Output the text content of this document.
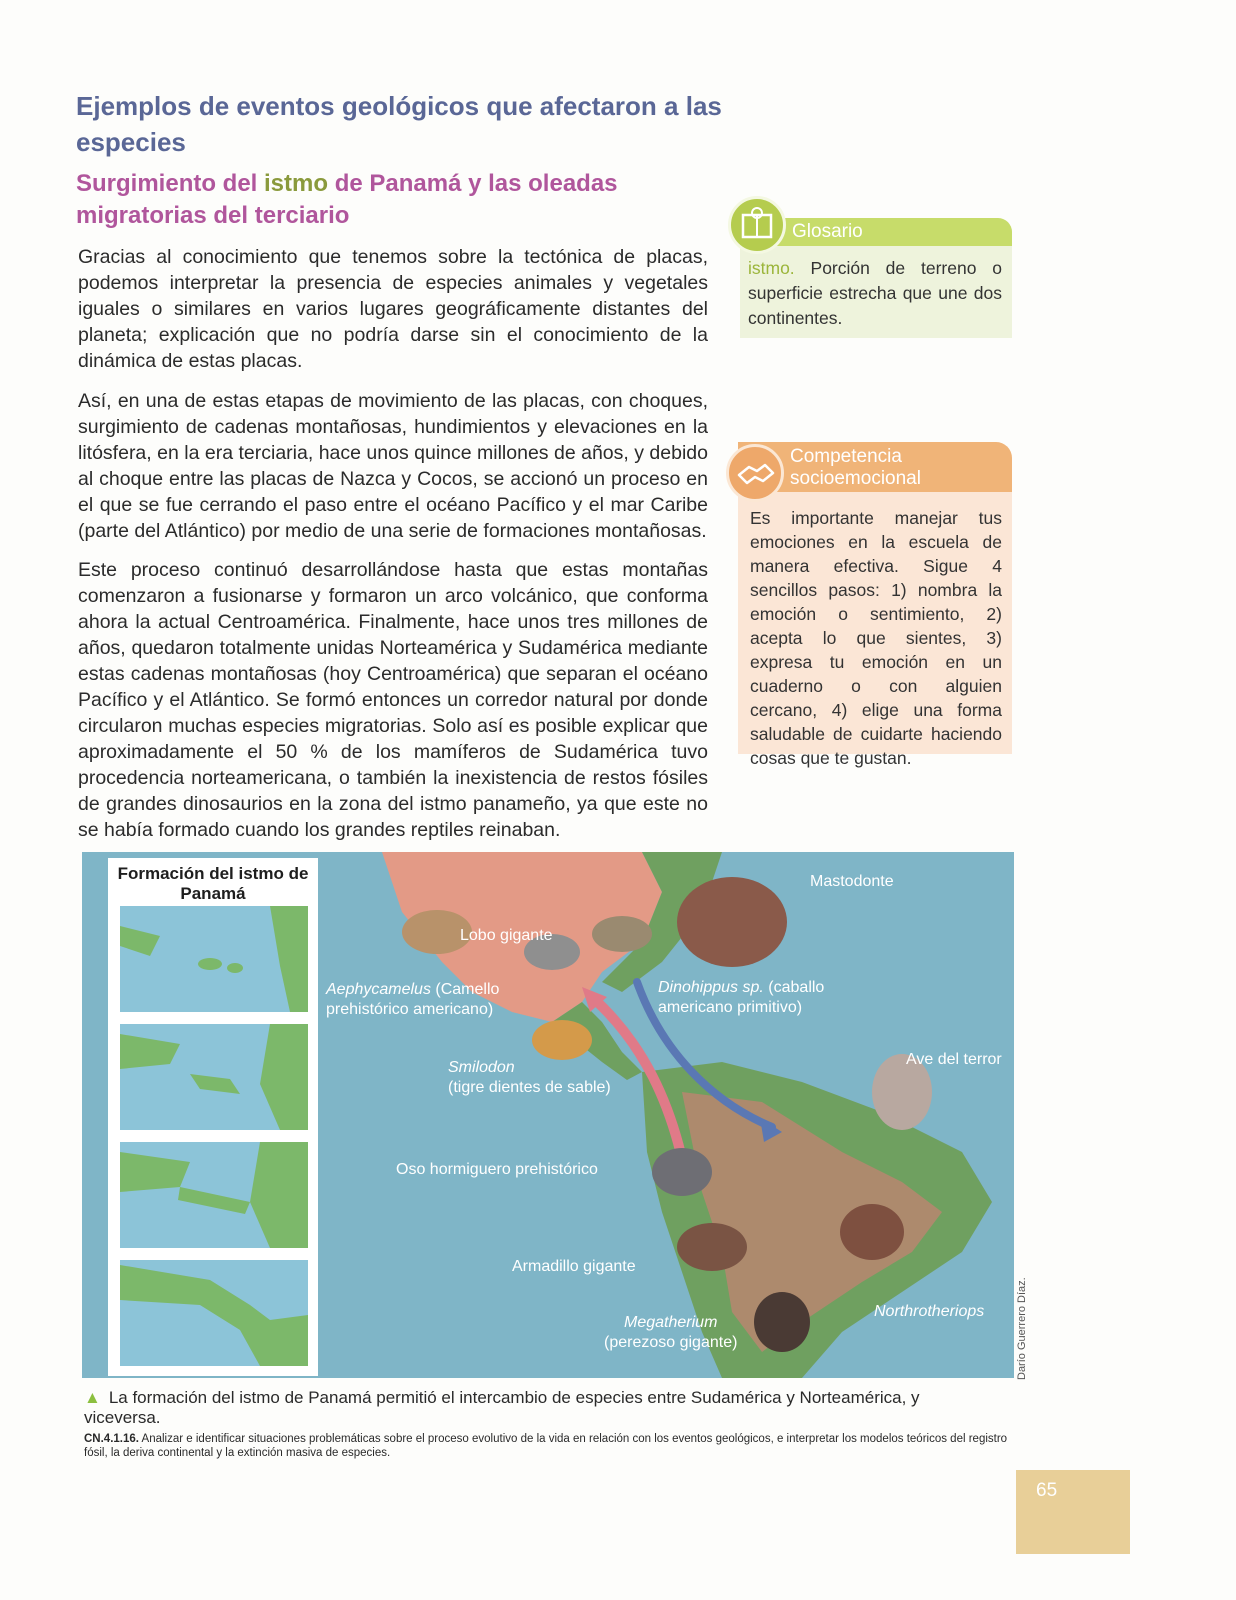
Ejemplos de eventos geológicos que afectaron a las especies
Surgimiento del istmo de Panamá y las oleadas migratorias del terciario

Gracias al conocimiento que tenemos sobre la tectónica de placas, podemos interpretar la presencia de especies animales y vegetales iguales o similares en varios lugares geográficamente distantes del planeta; explicación que no podría darse sin el conocimiento de la dinámica de estas placas.

Así, en una de estas etapas de movimiento de las placas, con choques, surgimiento de cadenas montañosas, hundimientos y elevaciones en la litósfera, en la era terciaria, hace unos quince millones de años, y debido al choque entre las placas de Nazca y Cocos, se accionó un proceso en el que se fue cerrando el paso entre el océano Pacífico y el mar Caribe (parte del Atlántico) por medio de una serie de formaciones montañosas.

Este proceso continuó desarrollándose hasta que estas montañas comenzaron a fusionarse y formaron un arco volcánico, que conforma ahora la actual Centroamérica. Finalmente, hace unos tres millones de años, quedaron totalmente unidas Norteamérica y Sudamérica mediante estas cadenas montañosas (hoy Centroamérica) que separan el océano Pacífico y el Atlántico. Se formó entonces un corredor natural por donde circularon muchas especies migratorias. Solo así es posible explicar que aproximadamente el 50 % de los mamíferos de Sudamérica tuvo procedencia norteamericana, o también la inexistencia de restos fósiles de grandes dinosaurios en la zona del istmo panameño, ya que este no se había formado cuando los grandes reptiles reinaban.

Glosario
istmo. Porción de terreno o superficie estrecha que une dos continentes.
Competencia
socioemocional
Es importante manejar tus emociones en la escuela de manera efectiva. Sigue 4 sencillos pasos: 1) nombra la emoción o sentimiento, 2) acepta lo que sientes, 3) expresa tu emoción en un cuaderno o con alguien cercano, 4) elige una forma saludable de cuidarte haciendo cosas que te gustan.
Formación del istmo de Panamá
Mastodonte
Lobo gigante
Aephycamelus (Camello prehistórico americano)
Dinohippus sp. (caballo americano primitivo)
Ave del terror
Smilodon
(tigre dientes de sable)
Oso hormiguero prehistórico
Armadillo gigante
Megatherium
(perezoso gigante)
Northrotheriops	Darío Guerrero Díaz.
▲ La formación del istmo de Panamá permitió el intercambio de especies entre Sudamérica y Norteamérica, y viceversa.
CN.4.1.16. Analizar e identificar situaciones problemáticas sobre el proceso evolutivo de la vida en relación con los eventos geológicos, e interpretar los modelos teóricos del registro fósil, la deriva continental y la extinción masiva de especies.
65
